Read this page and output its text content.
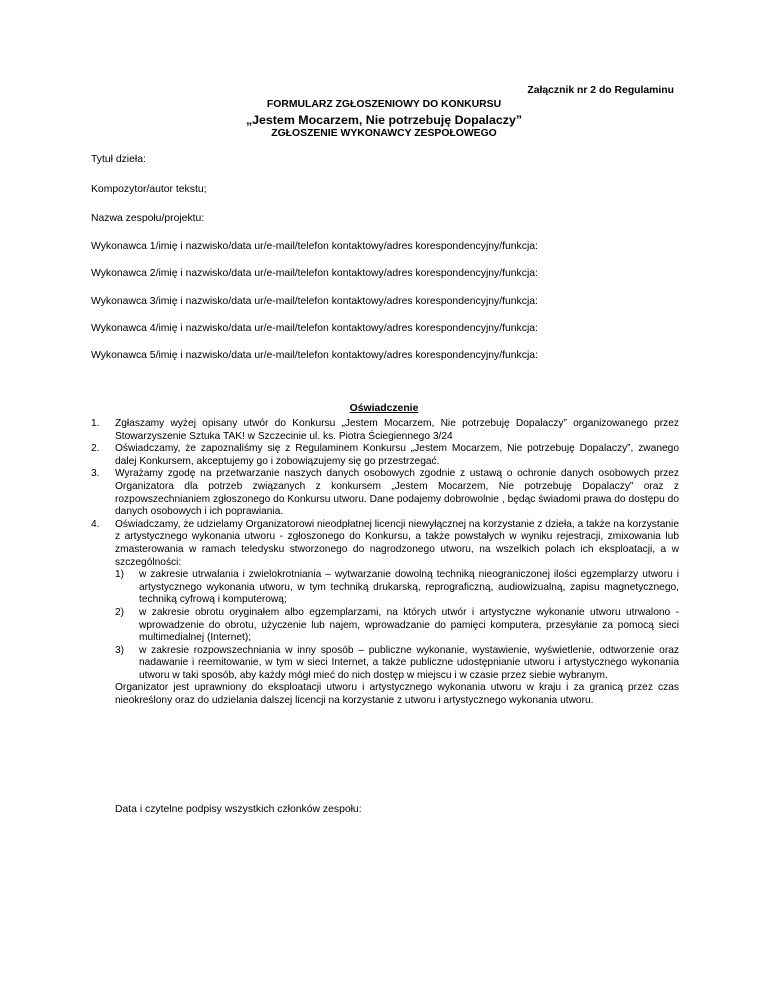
Załącznik nr 2 do Regulaminu
FORMULARZ ZGŁOSZENIOWY DO KONKURSU
„Jestem Mocarzem, Nie potrzebuję Dopalaczy”
ZGŁOSZENIE WYKONAWCY ZESPOŁOWEGO
Tytuł dzieła:
Kompozytor/autor tekstu;
Nazwa zespołu/projektu:
Wykonawca 1/imię i nazwisko/data ur/e-mail/telefon kontaktowy/adres korespondencyjny/funkcja:
Wykonawca 2/imię i nazwisko/data ur/e-mail/telefon kontaktowy/adres korespondencyjny/funkcja:
Wykonawca 3/imię i nazwisko/data ur/e-mail/telefon kontaktowy/adres korespondencyjny/funkcja:
Wykonawca 4/imię i nazwisko/data ur/e-mail/telefon kontaktowy/adres korespondencyjny/funkcja:
Wykonawca 5/imię i nazwisko/data ur/e-mail/telefon kontaktowy/adres korespondencyjny/funkcja:
Oświadczenie
1. Zgłaszamy wyżej opisany utwór do Konkursu „Jestem Mocarzem, Nie potrzebuję Dopalaczy” organizowanego przez Stowarzyszenie Sztuka TAK! w Szczecinie ul. ks. Piotra Ściegiennego 3/24
2. Oświadczamy, że zapoznaliśmy się z Regulaminem Konkursu „Jestem Mocarzem, Nie potrzebuję Dopalaczy”, zwanego dalej Konkursem, akceptujemy go i zobowiązujemy się go przestrzegać.
3. Wyrażamy zgodę na przetwarzanie naszych danych osobowych zgodnie z ustawą o ochronie danych osobowych przez Organizatora dla potrzeb związanych z konkursem „Jestem Mocarzem, Nie potrzebuję Dopalaczy” oraz z rozpowszechnianiem zgłoszonego do Konkursu utworu. Dane podajemy dobrowolnie , będąc świadomi prawa do dostępu do danych osobowych i ich poprawiania.
4. Oświadczamy, że udzielamy Organizatorowi nieodpłatnej licencji niewyłącznej na korzystanie z dzieła, a także na korzystanie z artystycznego wykonania utworu - zgłoszonego do Konkursu, a także powstałych w wyniku rejestracji, zmixowania lub zmasterowania w ramach teledysku stworzonego do nagrodzonego utworu, na wszelkich polach ich eksploatacji, a w szczególności:
1) w zakresie utrwalania i zwielokrotniania – wytwarzanie dowolną techniką nieograniczonej ilości egzemplarzy utworu i artystycznego wykonania utworu, w tym techniką drukarską, reprograficzną, audiowizualną, zapisu magnetycznego, techniką cyfrową i komputerową;
2) w zakresie obrotu oryginałem albo egzemplarzami, na których utwór i artystyczne wykonanie utworu utrwalono - wprowadzenie do obrotu, użyczenie lub najem, wprowadzanie do pamięci komputera, przesyłanie za pomocą sieci multimedialnej (Internet);
3) w zakresie rozpowszechniania w inny sposób – publiczne wykonanie, wystawienie, wyświetlenie, odtworzenie oraz nadawanie i reemitowanie, w tym w sieci Internet, a także publiczne udostępnianie utworu i artystycznego wykonania utworu w taki sposób, aby każdy mógł mieć do nich dostęp w miejscu i w czasie przez siebie wybranym.

Organizator jest uprawniony do eksploatacji utworu i artystycznego wykonania utworu w kraju i za granicą przez czas nieokreślony oraz do udzielania dalszej licencji na korzystanie z utworu i artystycznego wykonania utworu.

Data i czytelne podpisy wszystkich członków zespołu:
